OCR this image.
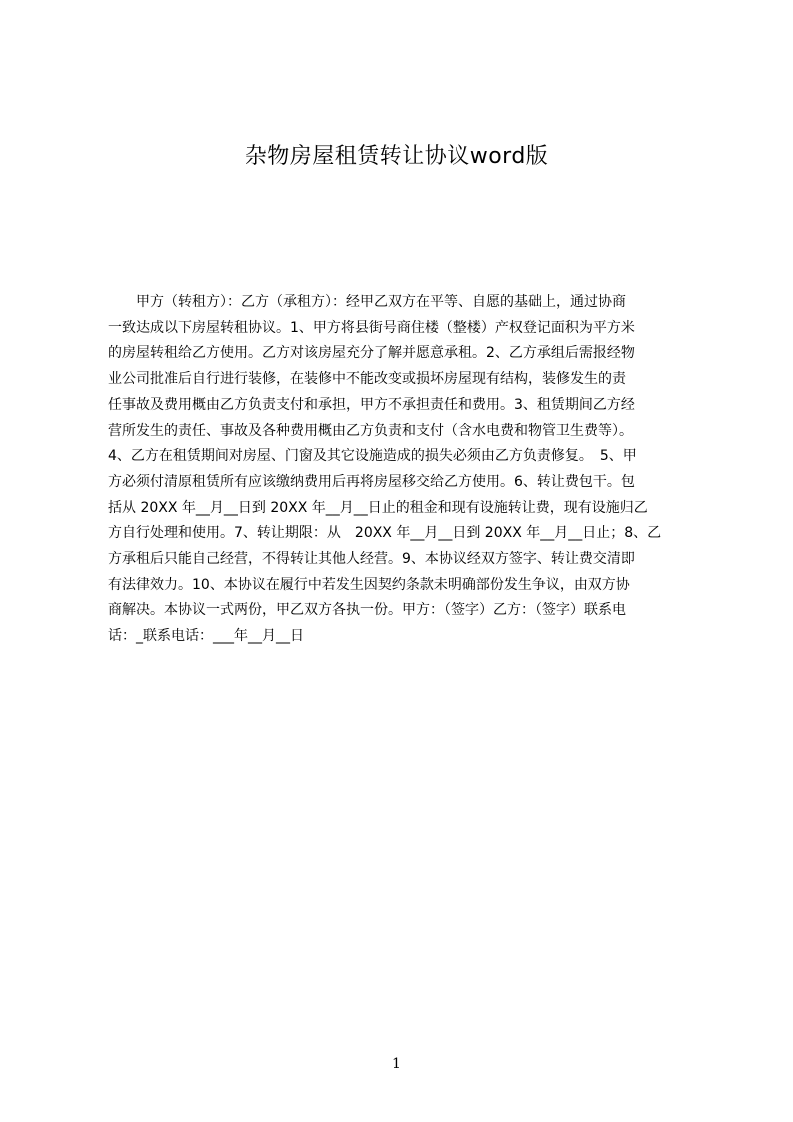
杂物房屋租赁转让协议word版
　　甲方（转租方）：乙方（承租方）：经甲乙双方在平等、自愿的基础上，通过协商
一致达成以下房屋转租协议。1、甲方将县街号商住楼（整楼）产权登记面积为平方米
的房屋转租给乙方使用。乙方对该房屋充分了解并愿意承租。2、乙方承组后需报经物
业公司批准后自行进行装修，在装修中不能改变或损坏房屋现有结构，装修发生的责
任事故及费用概由乙方负责支付和承担，甲方不承担责任和费用。3、租赁期间乙方经
营所发生的责任、事故及各种费用概由乙方负责和支付（含水电费和物管卫生费等）。
4、乙方在租赁期间对房屋、门窗及其它设施造成的损失必须由乙方负责修复。　5、甲
方必须付清原租赁所有应该缴纳费用后再将房屋移交给乙方使用。6、转让费包干。包
括从 20XX 年__月__日到 20XX 年__月__日止的租金和现有设施转让费，现有设施归乙
方自行处理和使用。7、转让期限：从　20XX 年__月__日到 20XX 年__月__日止；8、乙
方承租后只能自己经营，不得转让其他人经营。9、本协议经双方签字、转让费交清即
有法律效力。10、本协议在履行中若发生因契约条款未明确部份发生争议，由双方协
商解决。本协议一式两份，甲乙双方各执一份。甲方：（签字）乙方：（签字）联系电
话：_联系电话：___年__月__日
1
